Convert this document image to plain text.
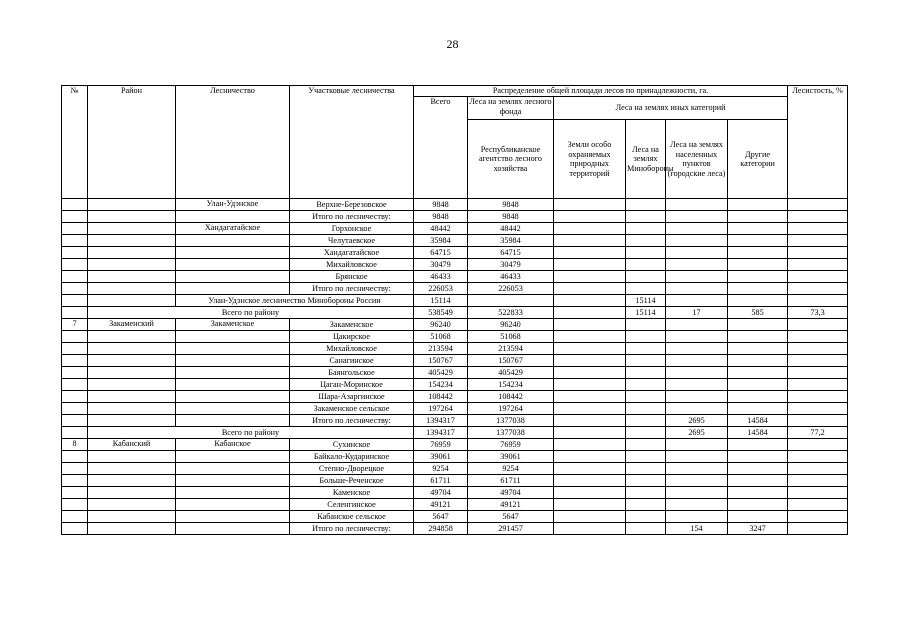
28
№	Район	Лесничество	Участковые лесничества	Распределение общей площади лесов по принадлежности, га.						Лесистость, %
				Всего	Леса на землях лесного фонда	Леса на землях иных категорий				
					Республиканское агентство лесного хозяйства	Земли особо охраняемых природных территорий	Леса на землях Минобороны	Леса на землях населенных пунктов (городские леса)	Другие категории	
		Улан-Удэнское	Верхне-Березовское	9848	9848					
			Итого по лесничеству:	9848	9848					
		Хандагатайское	Горхонское	48442	48442					
			Челутаевское	35984	35984					
			Хандагатайское	64715	64715					
			Михайловское	30479	30479					
			Брянское	46433	46433					
			Итого по лесничеству:	226053	226053					
		Улан-Удэнское лесничество Минобороны России		15114			15114			
	Всего по району			538549	522833		15114	17	585	73,3
7	Закаменский	Закаменское	Закаменское	96240	96240					
			Цакирское	51068	51068					
			Михайловское	213594	213594					
			Санагинское	150767	150767					
			Баянгольское	405429	405429					
			Цаган-Моринское	154234	154234					
			Шара-Азаргинское	108442	108442					
			Закаменское сельское	197264	197264					
			Итого по лесничеству:	1394317	1377038			2695	14584	
	Всего по району			1394317	1377038			2695	14584	77,2
8	Кабанский	Кабанское	Сухинское	76959	76959					
			Байкало-Кударинское	39061	39061					
			Степно-Дворецкое	9254	9254					
			Больше-Реченское	61711	61711					
			Каменское	49704	49704					
			Селенгинское	49121	49121					
			Кабанское сельское	5647	5647					
			Итого по лесничеству:	294858	291457			154	3247	
